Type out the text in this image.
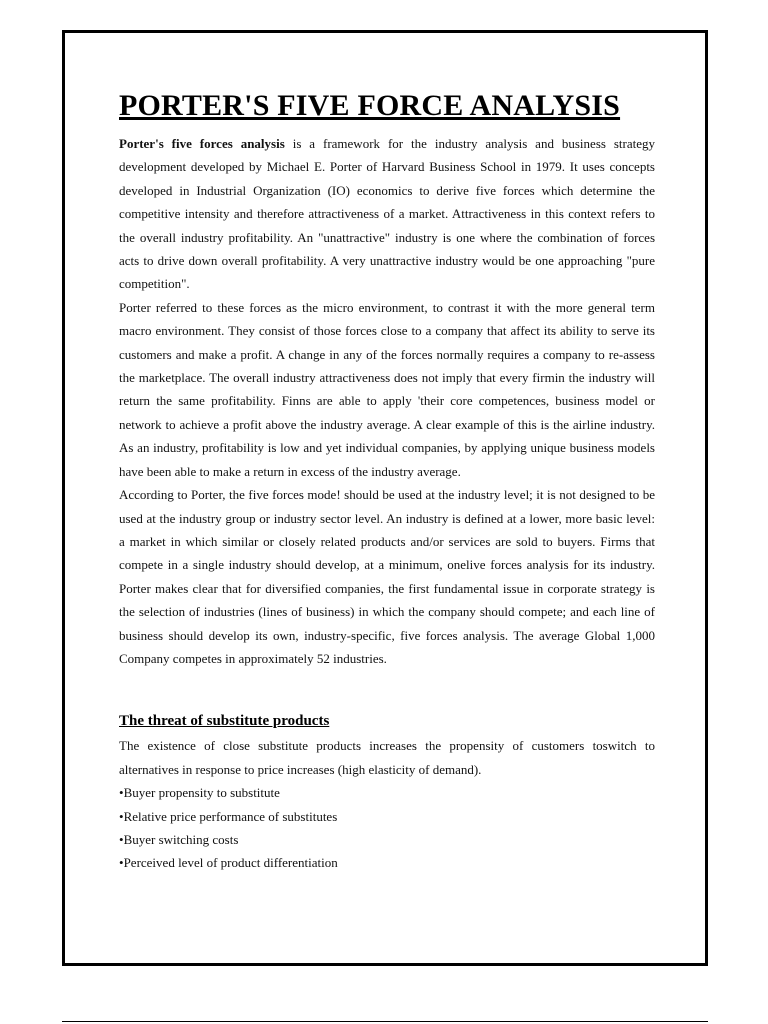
PORTER'S FIVE FORCE ANALYSIS

Porter's five forces analysis is a framework for the industry analysis and business strategy development developed by Michael E. Porter of Harvard Business School in 1979. It uses concepts developed in Industrial Organization (IO) economics to derive five forces which determine the competitive intensity and therefore attractiveness of a market. Attractiveness in this context refers to the overall industry profitability. An "unattractive" industry is one where the combination of forces acts to drive down overall profitability. A very unattractive industry would be one approaching "pure competition".

Porter referred to these forces as the micro environment, to contrast it with the more general term macro environment. They consist of those forces close to a company that affect its ability to serve its customers and make a profit. A change in any of the forces normally requires a company to re-assess the marketplace. The overall industry attractiveness does not imply that every firmin the industry will return the same profitability. Finns are able to apply 'their core competences, business model or network to achieve a profit above the industry average. A clear example of this is the airline industry. As an industry, profitability is low and yet individual companies, by applying unique business models have been able to make a return in excess of the industry average.

According to Porter, the five forces mode! should be used at the industry level; it is not designed to be used at the industry group or industry sector level. An industry is defined at a lower, more basic level: a market in which similar or closely related products and/or services are sold to buyers. Firms that compete in a single industry should develop, at a minimum, onelive forces analysis for its industry. Porter makes clear that for diversified companies, the first fundamental issue in corporate strategy is the selection of industries (lines of business) in which the company should compete; and each line of business should develop its own, industry-specific, five forces analysis. The average Global 1,000 Company competes in approximately 52 industries.

The threat of substitute products

The existence of close substitute products increases the propensity of customers toswitch to alternatives in response to price increases (high elasticity of demand).

• Buyer propensity to substitute
• Relative price performance of substitutes
• Buyer switching costs
• Perceived level of product differentiation
